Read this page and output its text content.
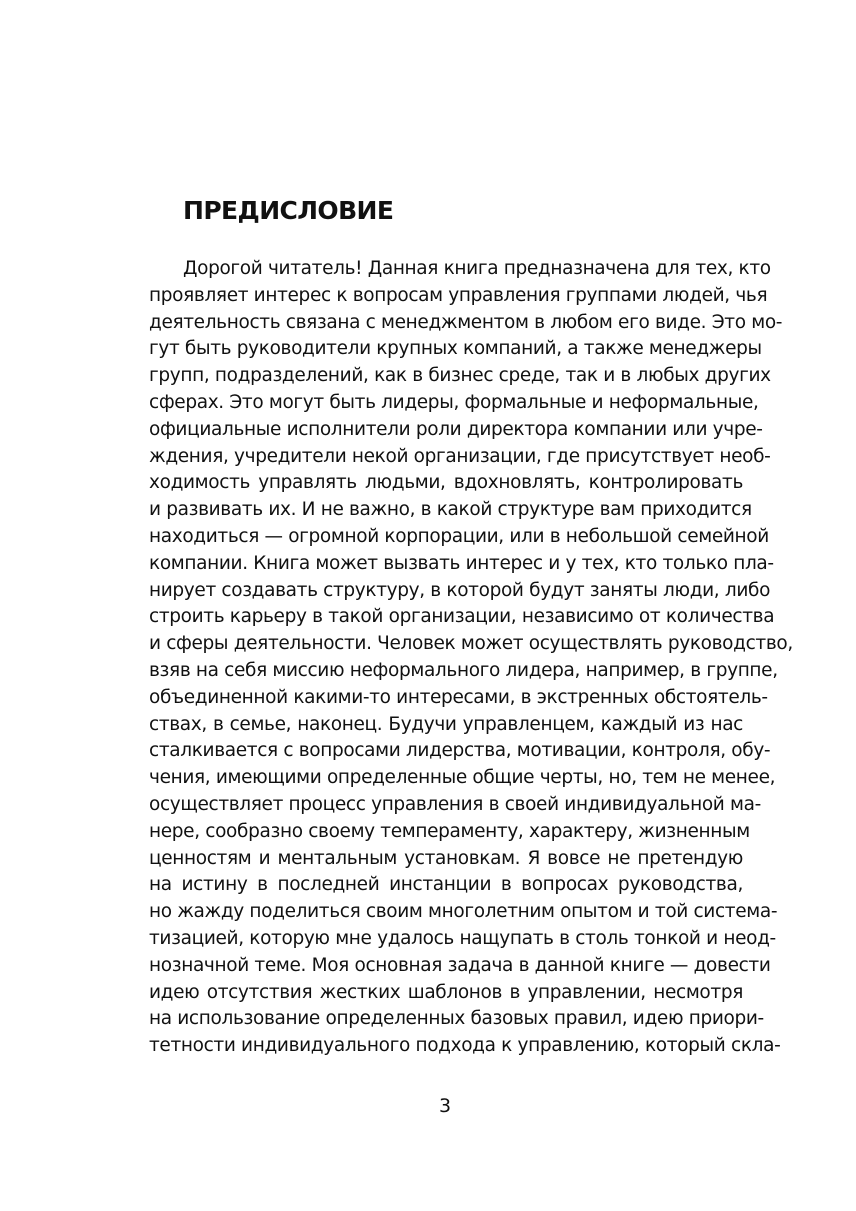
ПРЕДИСЛОВИЕ
Дорогой читатель! Данная книга предназначена для тех, кто
проявляет интерес к вопросам управления группами людей, чья
деятельность связана с менеджментом в любом его виде. Это мо-
гут быть руководители крупных компаний, а также менеджеры
групп, подразделений, как в бизнес среде, так и в любых других
сферах. Это могут быть лидеры, формальные и неформальные,
официальные исполнители роли директора компании или учре-
ждения, учредители некой организации, где присутствует необ-
ходимость управлять людьми, вдохновлять, контролировать
и развивать их. И не важно, в какой структуре вам приходится
находиться — огромной корпорации, или в небольшой семейной
компании. Книга может вызвать интерес и у тех, кто только пла-
нирует создавать структуру, в которой будут заняты люди, либо
строить карьеру в такой организации, независимо от количества
и сферы деятельности. Человек может осуществлять руководство,
взяв на себя миссию неформального лидера, например, в группе,
объединенной какими-то интересами, в экстренных обстоятель-
ствах, в семье, наконец. Будучи управленцем, каждый из нас
сталкивается с вопросами лидерства, мотивации, контроля, обу-
чения, имеющими определенные общие черты, но, тем не менее,
осуществляет процесс управления в своей индивидуальной ма-
нере, сообразно своему темпераменту, характеру, жизненным
ценностям и ментальным установкам. Я вовсе не претендую
на истину в последней инстанции в вопросах руководства,
но жажду поделиться своим многолетним опытом и той система-
тизацией, которую мне удалось нащупать в столь тонкой и неод-
нозначной теме. Моя основная задача в данной книге — довести
идею отсутствия жестких шаблонов в управлении, несмотря
на использование определенных базовых правил, идею приори-
тетности индивидуального подхода к управлению, который скла-
3
